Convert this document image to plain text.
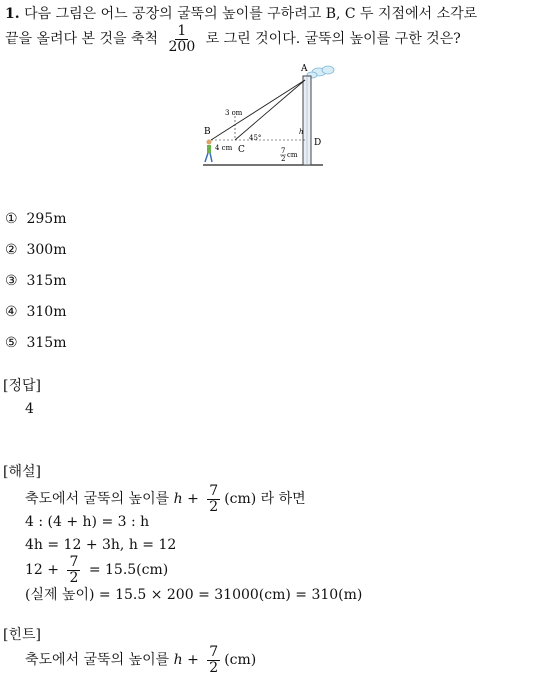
1. 다음 그림은 어느 공장의 굴뚝의 높이를 구하려고 B, C 두 지점에서 소각로
끝을 올려다 본 것을 축척 $\frac{1}{200}$ 로 그린 것이다. 굴뚝의 높이를 구한 것은?
A
B
C
D
3 cm
4 cm
45°
h
7
2 cm
① 295m
② 300m
③ 315m
④ 310m
⑤ 315m
[정답]
4
[해설]
축도에서 굴뚝의 높이를 $h + \frac{7}{2} (cm)$ 라 하면
4 : (4 + h) = 3 : h
4h = 12 + 3h, h = 12
$12 + \frac{7}{2} = 15.5(cm)$
(실제 높이) = 15.5 × 200 = 31000(cm) = 310(m)
[힌트]
축도에서 굴뚝의 높이를 $h + \frac{7}{2} (cm)$
